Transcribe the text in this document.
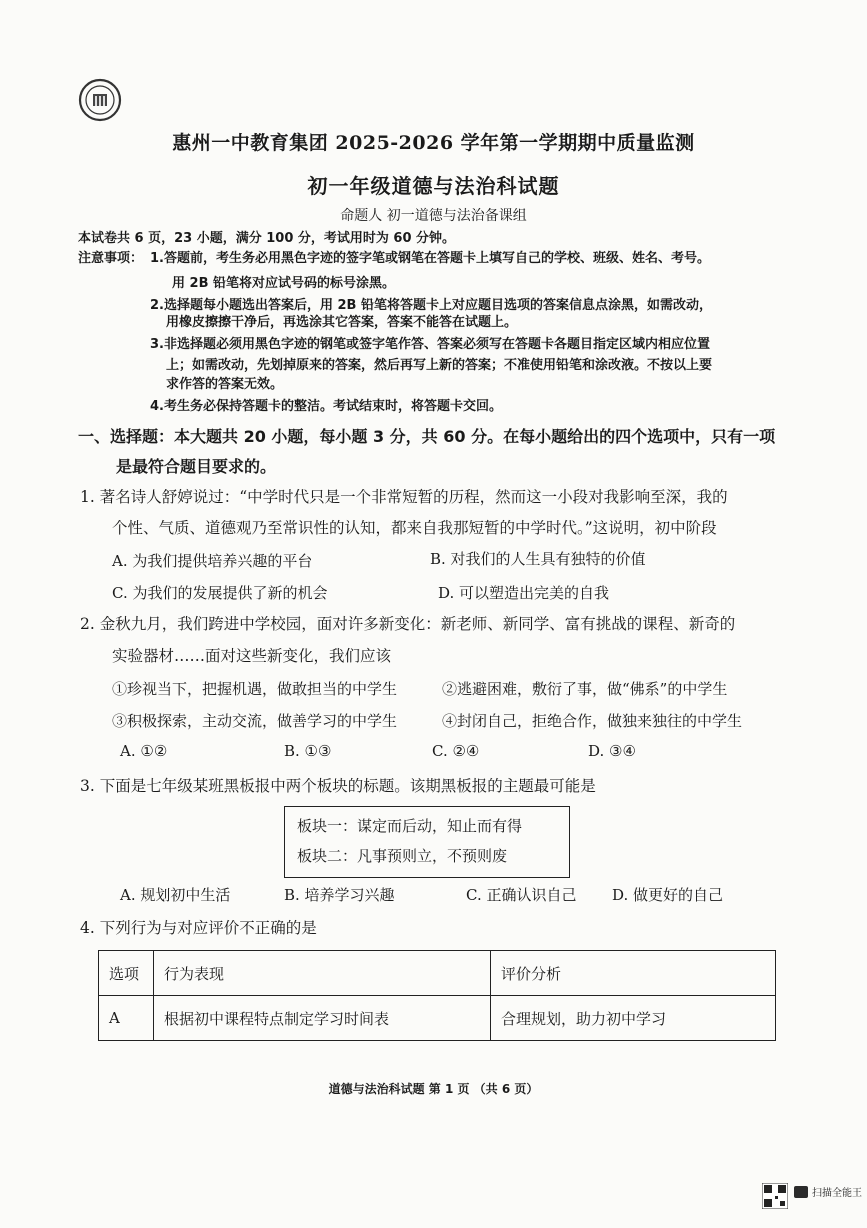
惠州一中教育集团 2025-2026 学年第一学期期中质量监测
初一年级道德与法治科试题
命题人 初一道德与法治备课组
本试卷共 6 页，23 小题，满分 100 分，考试用时为 60 分钟。
注意事项： 1.答题前，考生务必用黑色字迹的签字笔或钢笔在答题卡上填写自己的学校、班级、姓名、考号。
用 2B 铅笔将对应试号码的标号涂黑。
2.选择题每小题选出答案后，用 2B 铅笔将答题卡上对应题目选项的答案信息点涂黑，如需改动，
用橡皮擦擦干净后，再选涂其它答案，答案不能答在试题上。
3.非选择题必须用黑色字迹的钢笔或签字笔作答、答案必须写在答题卡各题目指定区域内相应位置
上；如需改动，先划掉原来的答案，然后再写上新的答案；不准使用铅笔和涂改液。不按以上要
求作答的答案无效。
4.考生务必保持答题卡的整洁。考试结束时，将答题卡交回。
一、选择题：本大题共 20 小题，每小题 3 分，共 60 分。在每小题给出的四个选项中，只有一项
是最符合题目要求的。
1. 著名诗人舒婷说过：“中学时代只是一个非常短暂的历程，然而这一小段对我影响至深，我的
个性、气质、道德观乃至常识性的认知，都来自我那短暂的中学时代。”这说明，初中阶段
A. 为我们提供培养兴趣的平台	B. 对我们的人生具有独特的价值
C. 为我们的发展提供了新的机会	D. 可以塑造出完美的自我
2. 金秋九月，我们跨进中学校园，面对许多新变化：新老师、新同学、富有挑战的课程、新奇的
实验器材……面对这些新变化，我们应该
①珍视当下，把握机遇，做敢担当的中学生	②逃避困难，敷衍了事，做“佛系”的中学生
③积极探索，主动交流，做善学习的中学生	④封闭自己，拒绝合作，做独来独往的中学生
A. ①②	B. ①③	C. ②④	D. ③④
3. 下面是七年级某班黑板报中两个板块的标题。该期黑板报的主题最可能是
板块一：谋定而后动，知止而有得
板块二：凡事预则立，不预则废
A. 规划初中生活	B. 培养学习兴趣	C. 正确认识自己 D. 做更好的自己
4. 下列行为与对应评价不正确的是
选项	行为表现	评价分析
A	根据初中课程特点制定学习时间表	合理规划，助力初中学习
道德与法治科试题 第 1 页 （共 6 页）
扫描全能王
